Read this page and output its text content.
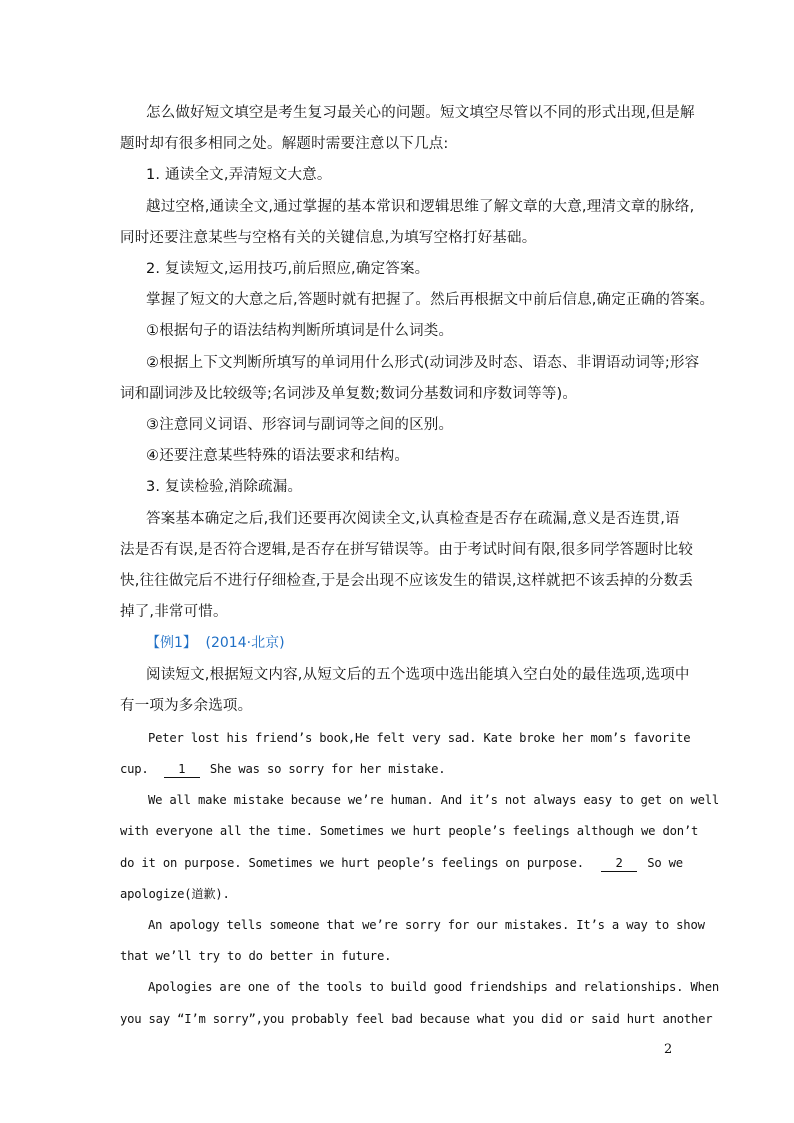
怎么做好短文填空是考生复习最关心的问题。短文填空尽管以不同的形式出现,但是解
题时却有很多相同之处。解题时需要注意以下几点:
1. 通读全文,弄清短文大意。
越过空格,通读全文,通过掌握的基本常识和逻辑思维了解文章的大意,理清文章的脉络,
同时还要注意某些与空格有关的关键信息,为填写空格打好基础。
2. 复读短文,运用技巧,前后照应,确定答案。
掌握了短文的大意之后,答题时就有把握了。然后再根据文中前后信息,确定正确的答案。
①根据句子的语法结构判断所填词是什么词类。
②根据上下文判断所填写的单词用什么形式(动词涉及时态、语态、非谓语动词等;形容
词和副词涉及比较级等;名词涉及单复数;数词分基数词和序数词等等)。
③注意同义词语、形容词与副词等之间的区别。
④还要注意某些特殊的语法要求和结构。
3. 复读检验,消除疏漏。
答案基本确定之后,我们还要再次阅读全文,认真检查是否存在疏漏,意义是否连贯,语
法是否有误,是否符合逻辑,是否存在拼写错误等。由于考试时间有限,很多同学答题时比较
快,往往做完后不进行仔细检查,于是会出现不应该发生的错误,这样就把不该丢掉的分数丢
掉了,非常可惜。
【例1】 (2014·北京)
阅读短文,根据短文内容,从短文后的五个选项中选出能填入空白处的最佳选项,选项中
有一项为多余选项。
Peter lost his friend’s book,He felt very sad. Kate broke her mom’s favorite
cup. 1 She was so sorry for her mistake.
We all make mistake because we’re human. And it’s not always easy to get on well
with everyone all the time. Sometimes we hurt people’s feelings although we don’t
do it on purpose. Sometimes we hurt people’s feelings on purpose.	2 So we
apologize(道歉).
An apology tells someone that we’re sorry for our mistakes. It’s a way to show
that we’ll try to do better in future.
Apologies are one of the tools to build good friendships and relationships. When
you say “I’m sorry”,you probably feel bad because what you did or said hurt another
2
